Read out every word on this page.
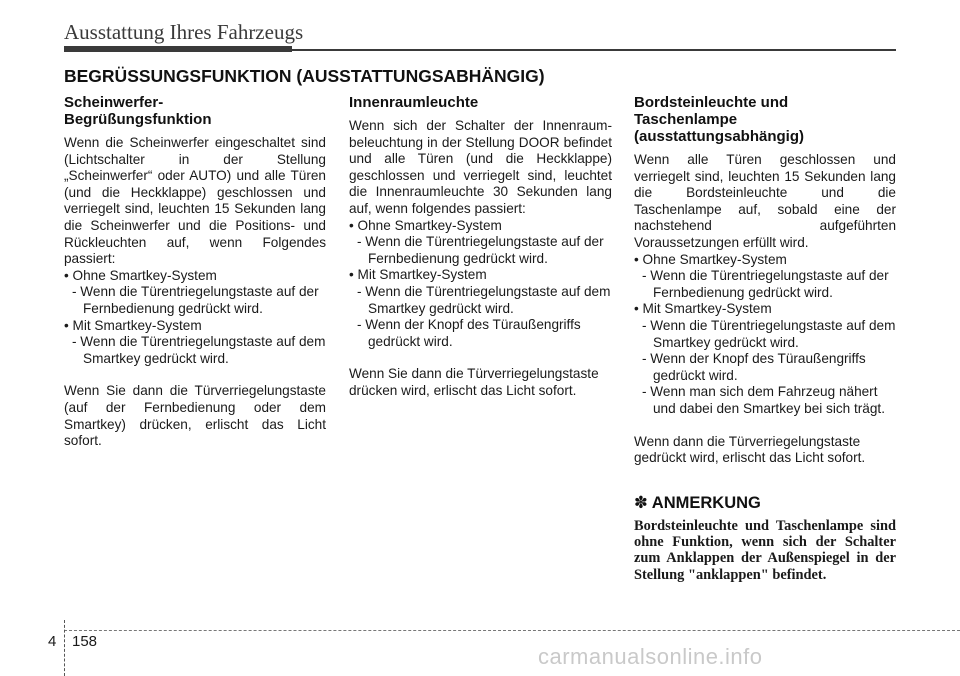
Ausstattung Ihres Fahrzeugs
BEGRÜSSUNGSFUNKTION (AUSSTATTUNGSABHÄNGIG)
Scheinwerfer-
Begrüßungsfunktion

Wenn die Scheinwerfer eingeschaltet sind (Lichtschalter in der Stellung „Scheinwerfer“ oder AUTO) und alle Türen (und die Heckklappe) geschlossen und verriegelt sind, leuchten 15 Sekunden lang die Scheinwerfer und die Positions- und Rückleuchten auf, wenn Folgendes passiert:

• Ohne Smartkey-System

- Wenn die Türentriegelungstaste auf der Fernbedienung gedrückt wird.

• Mit Smartkey-System

- Wenn die Türentriegelungstaste auf dem Smartkey gedrückt wird.

Wenn Sie dann die Türverriegelungstaste (auf der Fernbedienung oder dem Smartkey) drücken, erlischt das Licht sofort.

Innenraumleuchte

Wenn sich der Schalter der Innenraum-beleuchtung in der Stellung DOOR befindet und alle Türen (und die Heckklappe) geschlossen und verriegelt sind, leuchtet die Innenraumleuchte 30 Sekunden lang auf, wenn folgendes passiert:

• Ohne Smartkey-System

- Wenn die Türentriegelungstaste auf der Fernbedienung gedrückt wird.

• Mit Smartkey-System

- Wenn die Türentriegelungstaste auf dem Smartkey gedrückt wird.

- Wenn der Knopf des Türaußengriffs gedrückt wird.

Wenn Sie dann die Türverriegelungstaste drücken wird, erlischt das Licht sofort.

Bordsteinleuchte und
Taschenlampe
(ausstattungsabhängig)

Wenn alle Türen geschlossen und verriegelt sind, leuchten 15 Sekunden lang die Bordsteinleuchte und die Taschenlampe auf, sobald eine der nachstehend aufgeführten Voraussetzungen erfüllt wird.

• Ohne Smartkey-System

- Wenn die Türentriegelungstaste auf der Fernbedienung gedrückt wird.

• Mit Smartkey-System

- Wenn die Türentriegelungstaste auf dem Smartkey gedrückt wird.

- Wenn der Knopf des Türaußengriffs gedrückt wird.

- Wenn man sich dem Fahrzeug nähert und dabei den Smartkey bei sich trägt.

Wenn dann die Türverriegelungstaste gedrückt wird, erlischt das Licht sofort.

✽ ANMERKUNG

Bordsteinleuchte und Taschenlampe sind ohne Funktion, wenn sich der Schalter zum Anklappen der Außenspiegel in der Stellung "anklappen" befindet.

4 158
carmanualsonline.info
